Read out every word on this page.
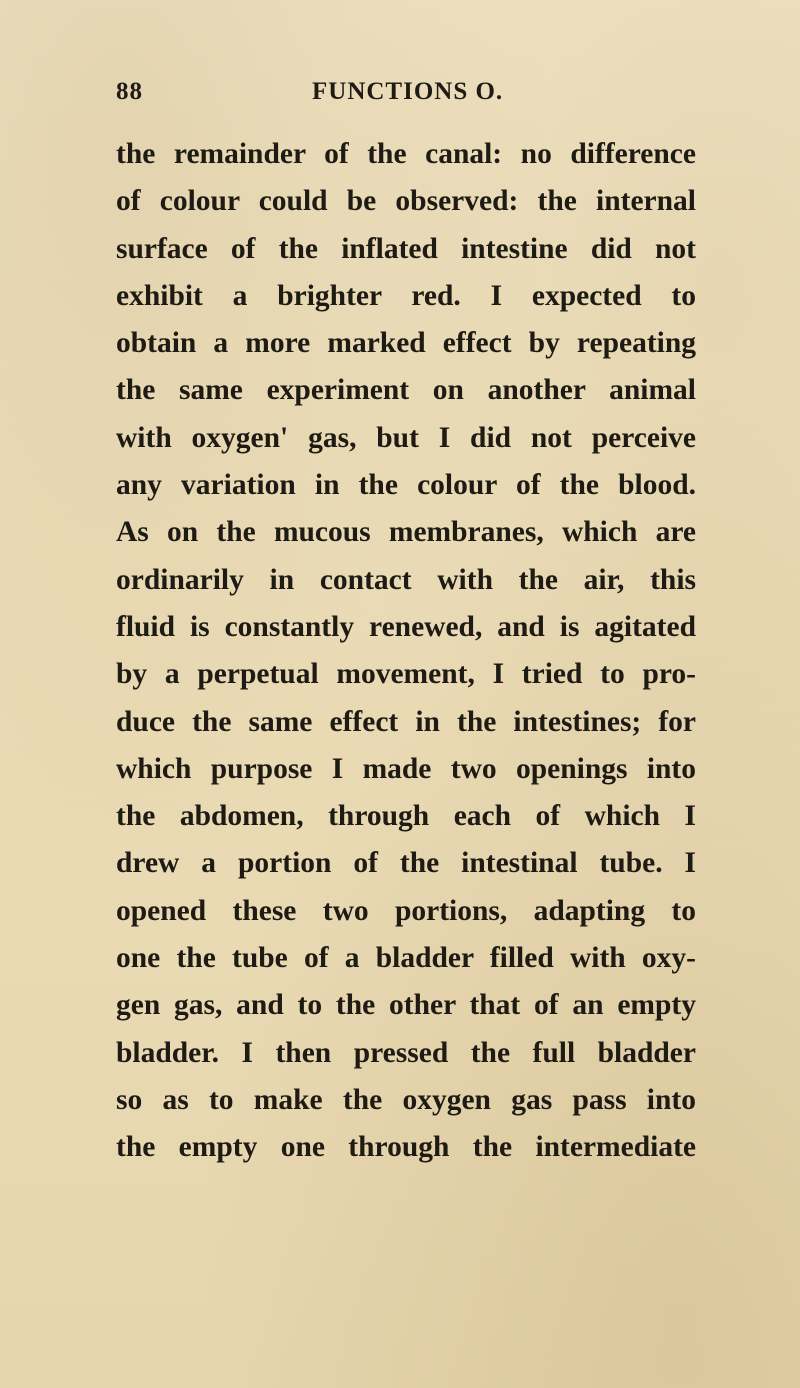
88	FUNCTIONS O.
the remainder of the canal: no difference
of colour could be observed: the internal
surface of the inflated intestine did not
exhibit a brighter red. I expected to
obtain a more marked effect by repeating
the same experiment on another animal
with oxygen' gas, but I did not perceive
any variation in the colour of the blood.
As on the mucous membranes, which are
ordinarily in contact with the air, this
fluid is constantly renewed, and is agitated
by a perpetual movement, I tried to pro-
duce the same effect in the intestines; for
which purpose I made two openings into
the abdomen, through each of which I
drew a portion of the intestinal tube. I
opened these two portions, adapting to
one the tube of a bladder filled with oxy-
gen gas, and to the other that of an empty
bladder. I then pressed the full bladder
so as to make the oxygen gas pass into
the empty one through the intermediate
